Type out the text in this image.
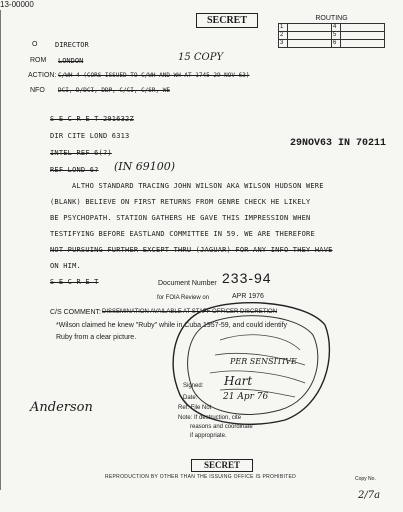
13-00000
SECRET	ROUTING
1		4	
2		5	
3		6	
O	DIRECTOR
ROM LONDON	15 COPY
ACTION: C/WH 4 (CORS ISSUED TO C/WH AND WH AT 1745-29 NOV 63)
NFO DCI, D/DCI, DDP, C/CI, C/SR, WE
S E C R E T 291632Z
DIR CITE LOND 6313
29NOV63 IN 70211
INTEL REF 6(?)
REF LOND 6? (IN 69100)
ALTHO STANDARD TRACING JOHN WILSON AKA WILSON HUDSON WERE
(BLANK) BELIEVE ON FIRST RETURNS FROM GENRE CHECK HE LIKELY
BE PSYCHOPATH. STATION GATHERS HE GAVE THIS IMPRESSION WHEN
TESTIFYING BEFORE EASTLAND COMMITTEE IN 59. WE ARE THEREFORE
NOT PURSUING FURTHER EXCEPT THRU (JAGUAR) FOR ANY INFO THEY HAVE
ON HIM.
S E C R E T	Document Number 233-94
for FOIA Review on	APR 1976
C/S COMMENT: DISSEMINATION AVAILABLE AT STAFF OFFICER DISCRETION
*Wilson claimed he knew "Ruby" while in Cuba 1957-59, and could identify
Ruby from a clear picture.
PER SENSITIVE
Signed: Hart
Date:	21 Apr 76
Ref. File Not
Note: If destruction, cite
reasons and coordinate
if appropriate.
Anderson
SECRET
REPRODUCTION BY OTHER THAN THE ISSUING OFFICE IS PROHIBITED	Copy No.
2/7a
